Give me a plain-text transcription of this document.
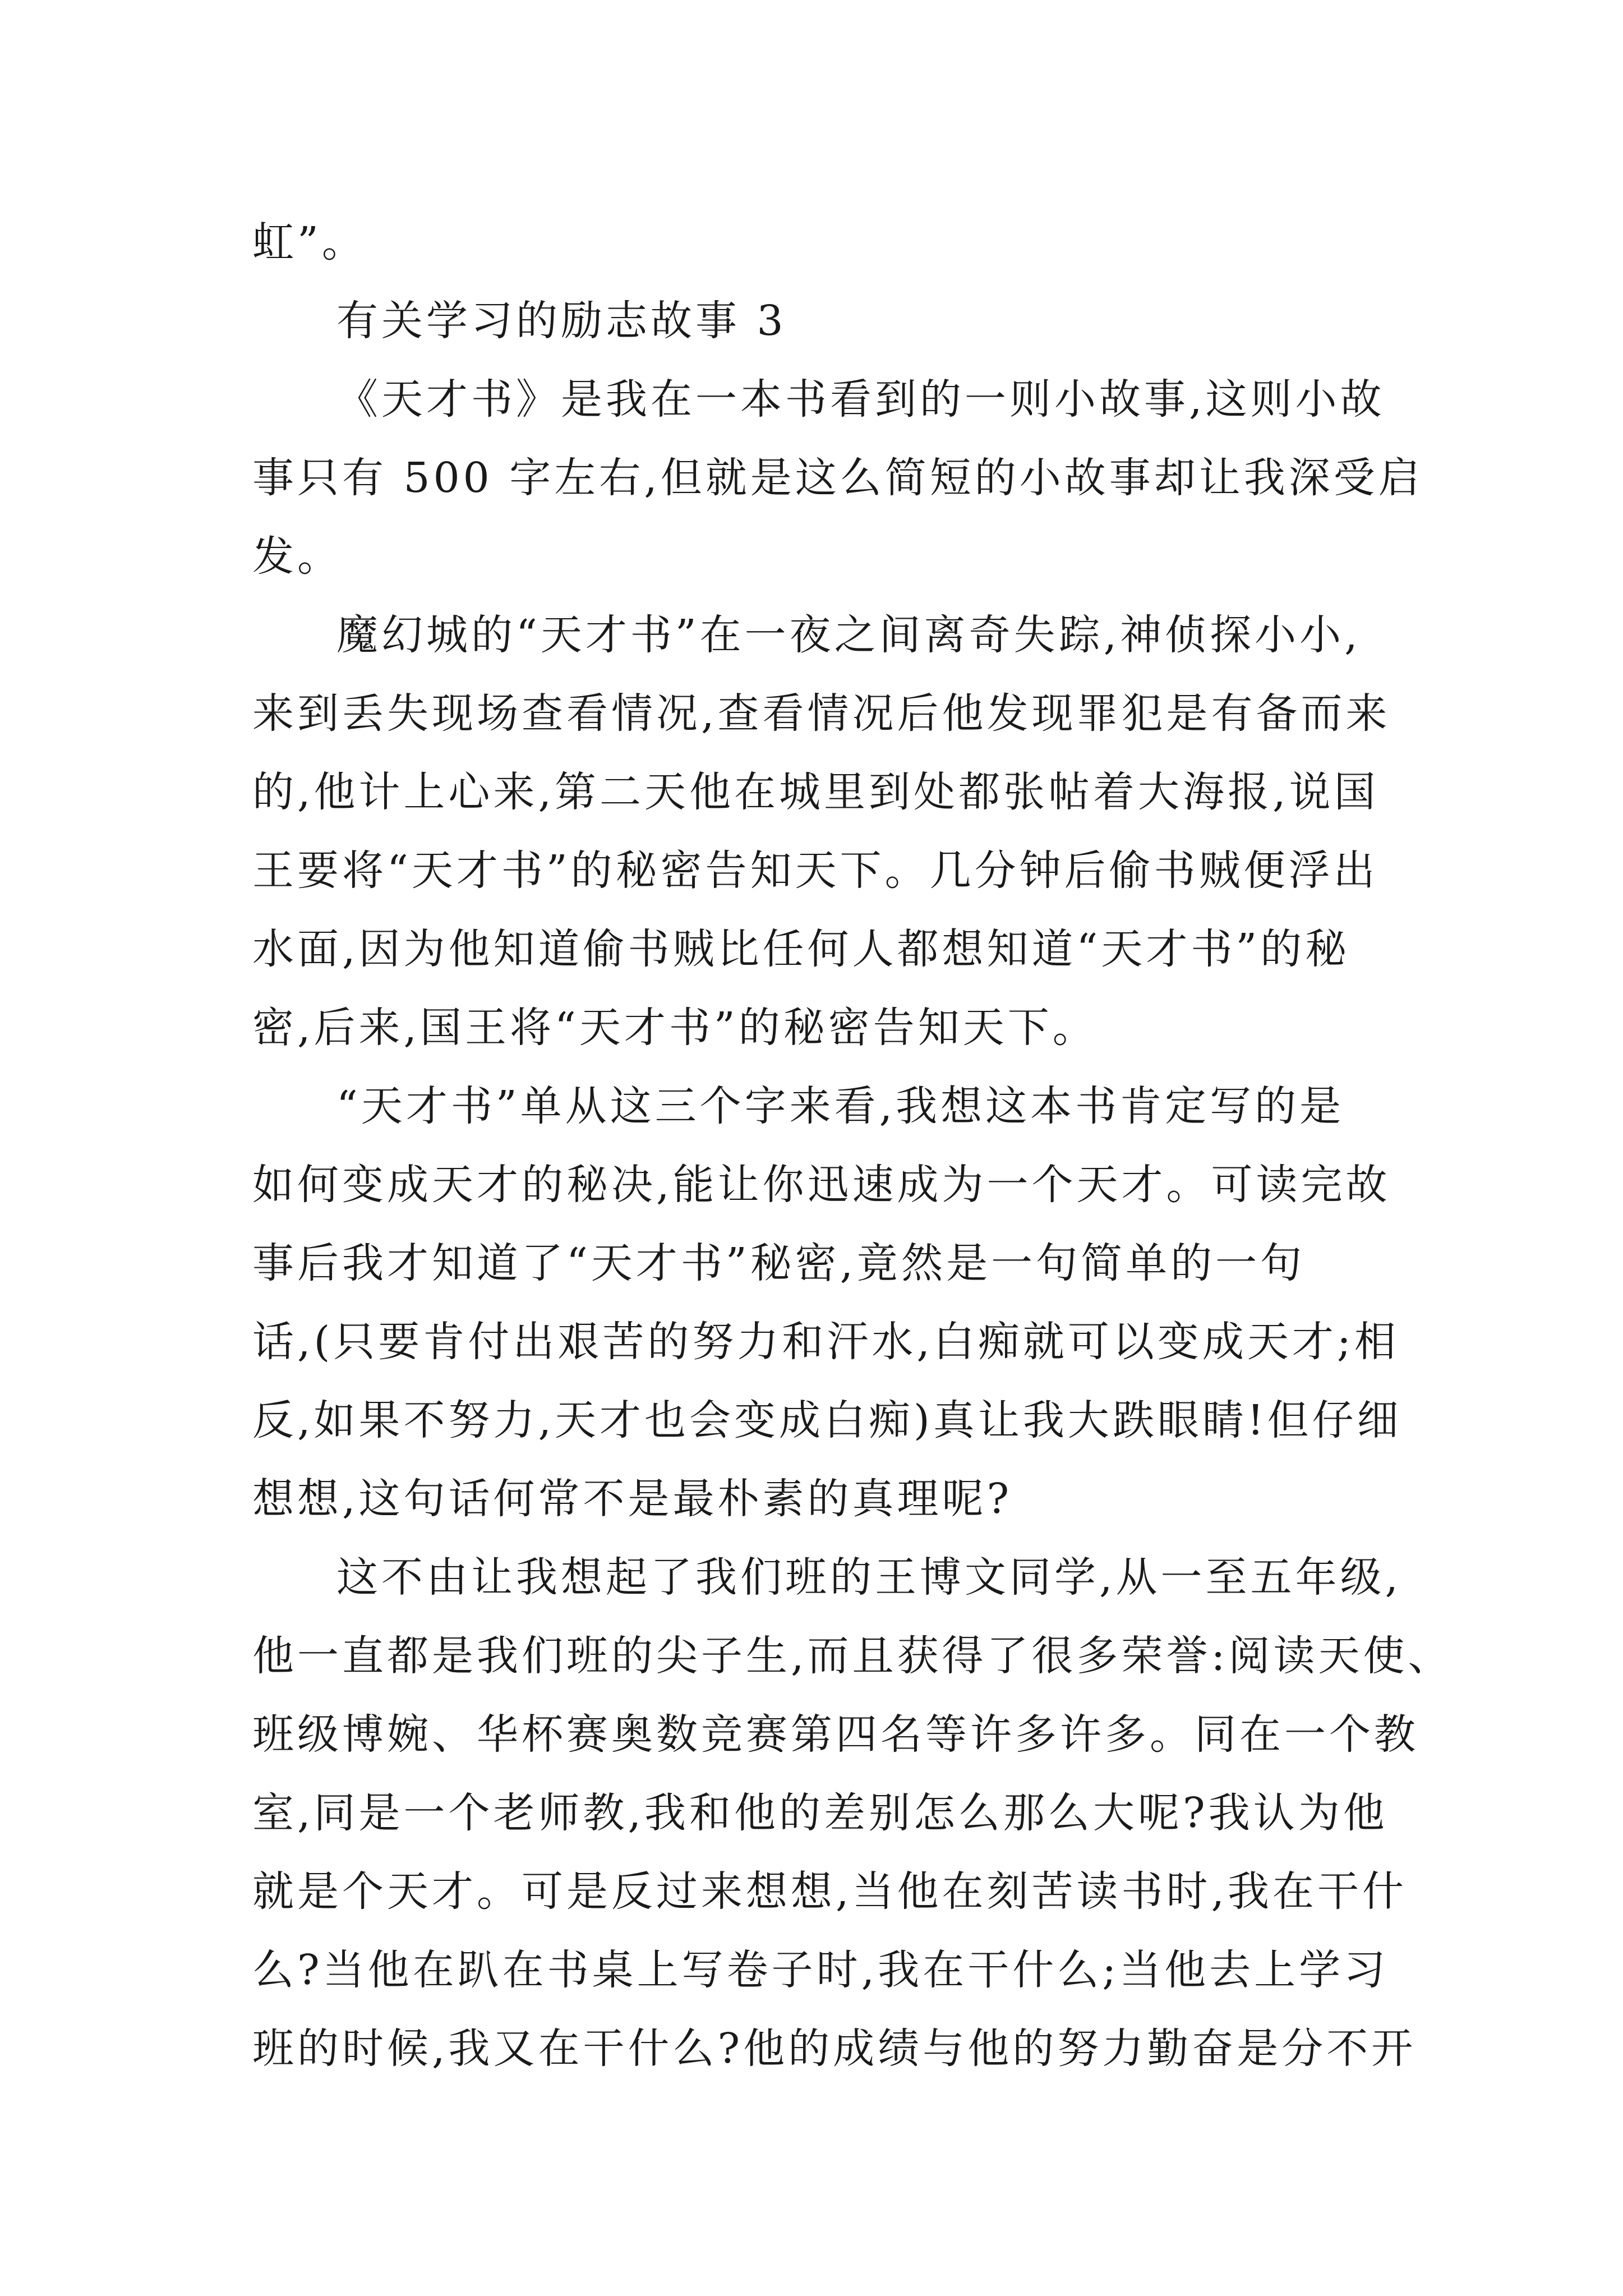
虹”。

有关学习的励志故事 3

《天才书》是我在一本书看到的一则小故事,这则小故

事只有 500 字左右,但就是这么简短的小故事却让我深受启

发。

魔幻城的“天才书”在一夜之间离奇失踪,神侦探小小,

来到丢失现场查看情况,查看情况后他发现罪犯是有备而来

的,他计上心来,第二天他在城里到处都张帖着大海报,说国

王要将“天才书”的秘密告知天下。几分钟后偷书贼便浮出

水面,因为他知道偷书贼比任何人都想知道“天才书”的秘

密,后来,国王将“天才书”的秘密告知天下。

“天才书”单从这三个字来看,我想这本书肯定写的是

如何变成天才的秘决,能让你迅速成为一个天才。可读完故

事后我才知道了“天才书”秘密,竟然是一句简单的一句

话,(只要肯付出艰苦的努力和汗水,白痴就可以变成天才;相

反,如果不努力,天才也会变成白痴)真让我大跌眼睛!但仔细

想想,这句话何常不是最朴素的真理呢?

这不由让我想起了我们班的王博文同学,从一至五年级,

他一直都是我们班的尖子生,而且获得了很多荣誉:阅读天使、

班级博婉、华杯赛奥数竞赛第四名等许多许多。同在一个教

室,同是一个老师教,我和他的差别怎么那么大呢?我认为他

就是个天才。可是反过来想想,当他在刻苦读书时,我在干什

么?当他在趴在书桌上写卷子时,我在干什么;当他去上学习

班的时候,我又在干什么?他的成绩与他的努力勤奋是分不开
